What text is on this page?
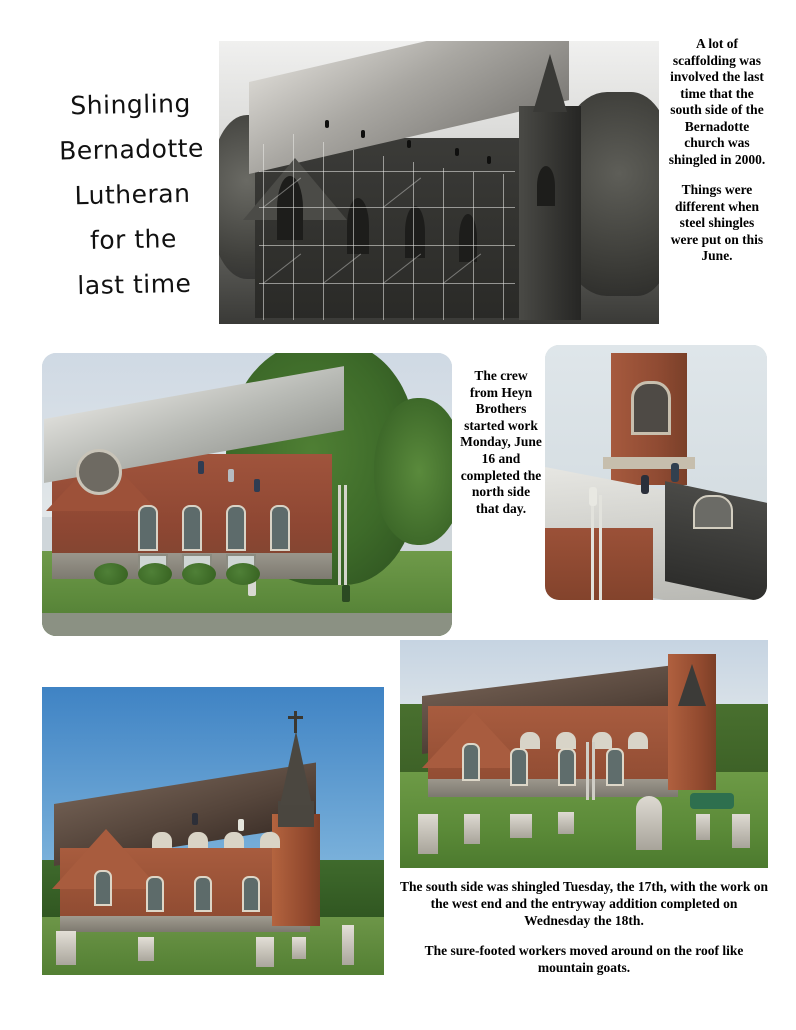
Shingling
Bernadotte
Lutheran
for the
last time

A lot of scaffolding was involved the last time that the south side of the Bernadotte church was shingled in 2000.

Things were different when steel shingles were put on this June.

The crew from Heyn Brothers started work Monday, June 16 and completed the north side that day.

The south side was shingled Tuesday, the 17th, with the work on the west end and the entryway addition completed on Wednesday the 18th.

The sure-footed workers moved around on the roof like mountain goats.
